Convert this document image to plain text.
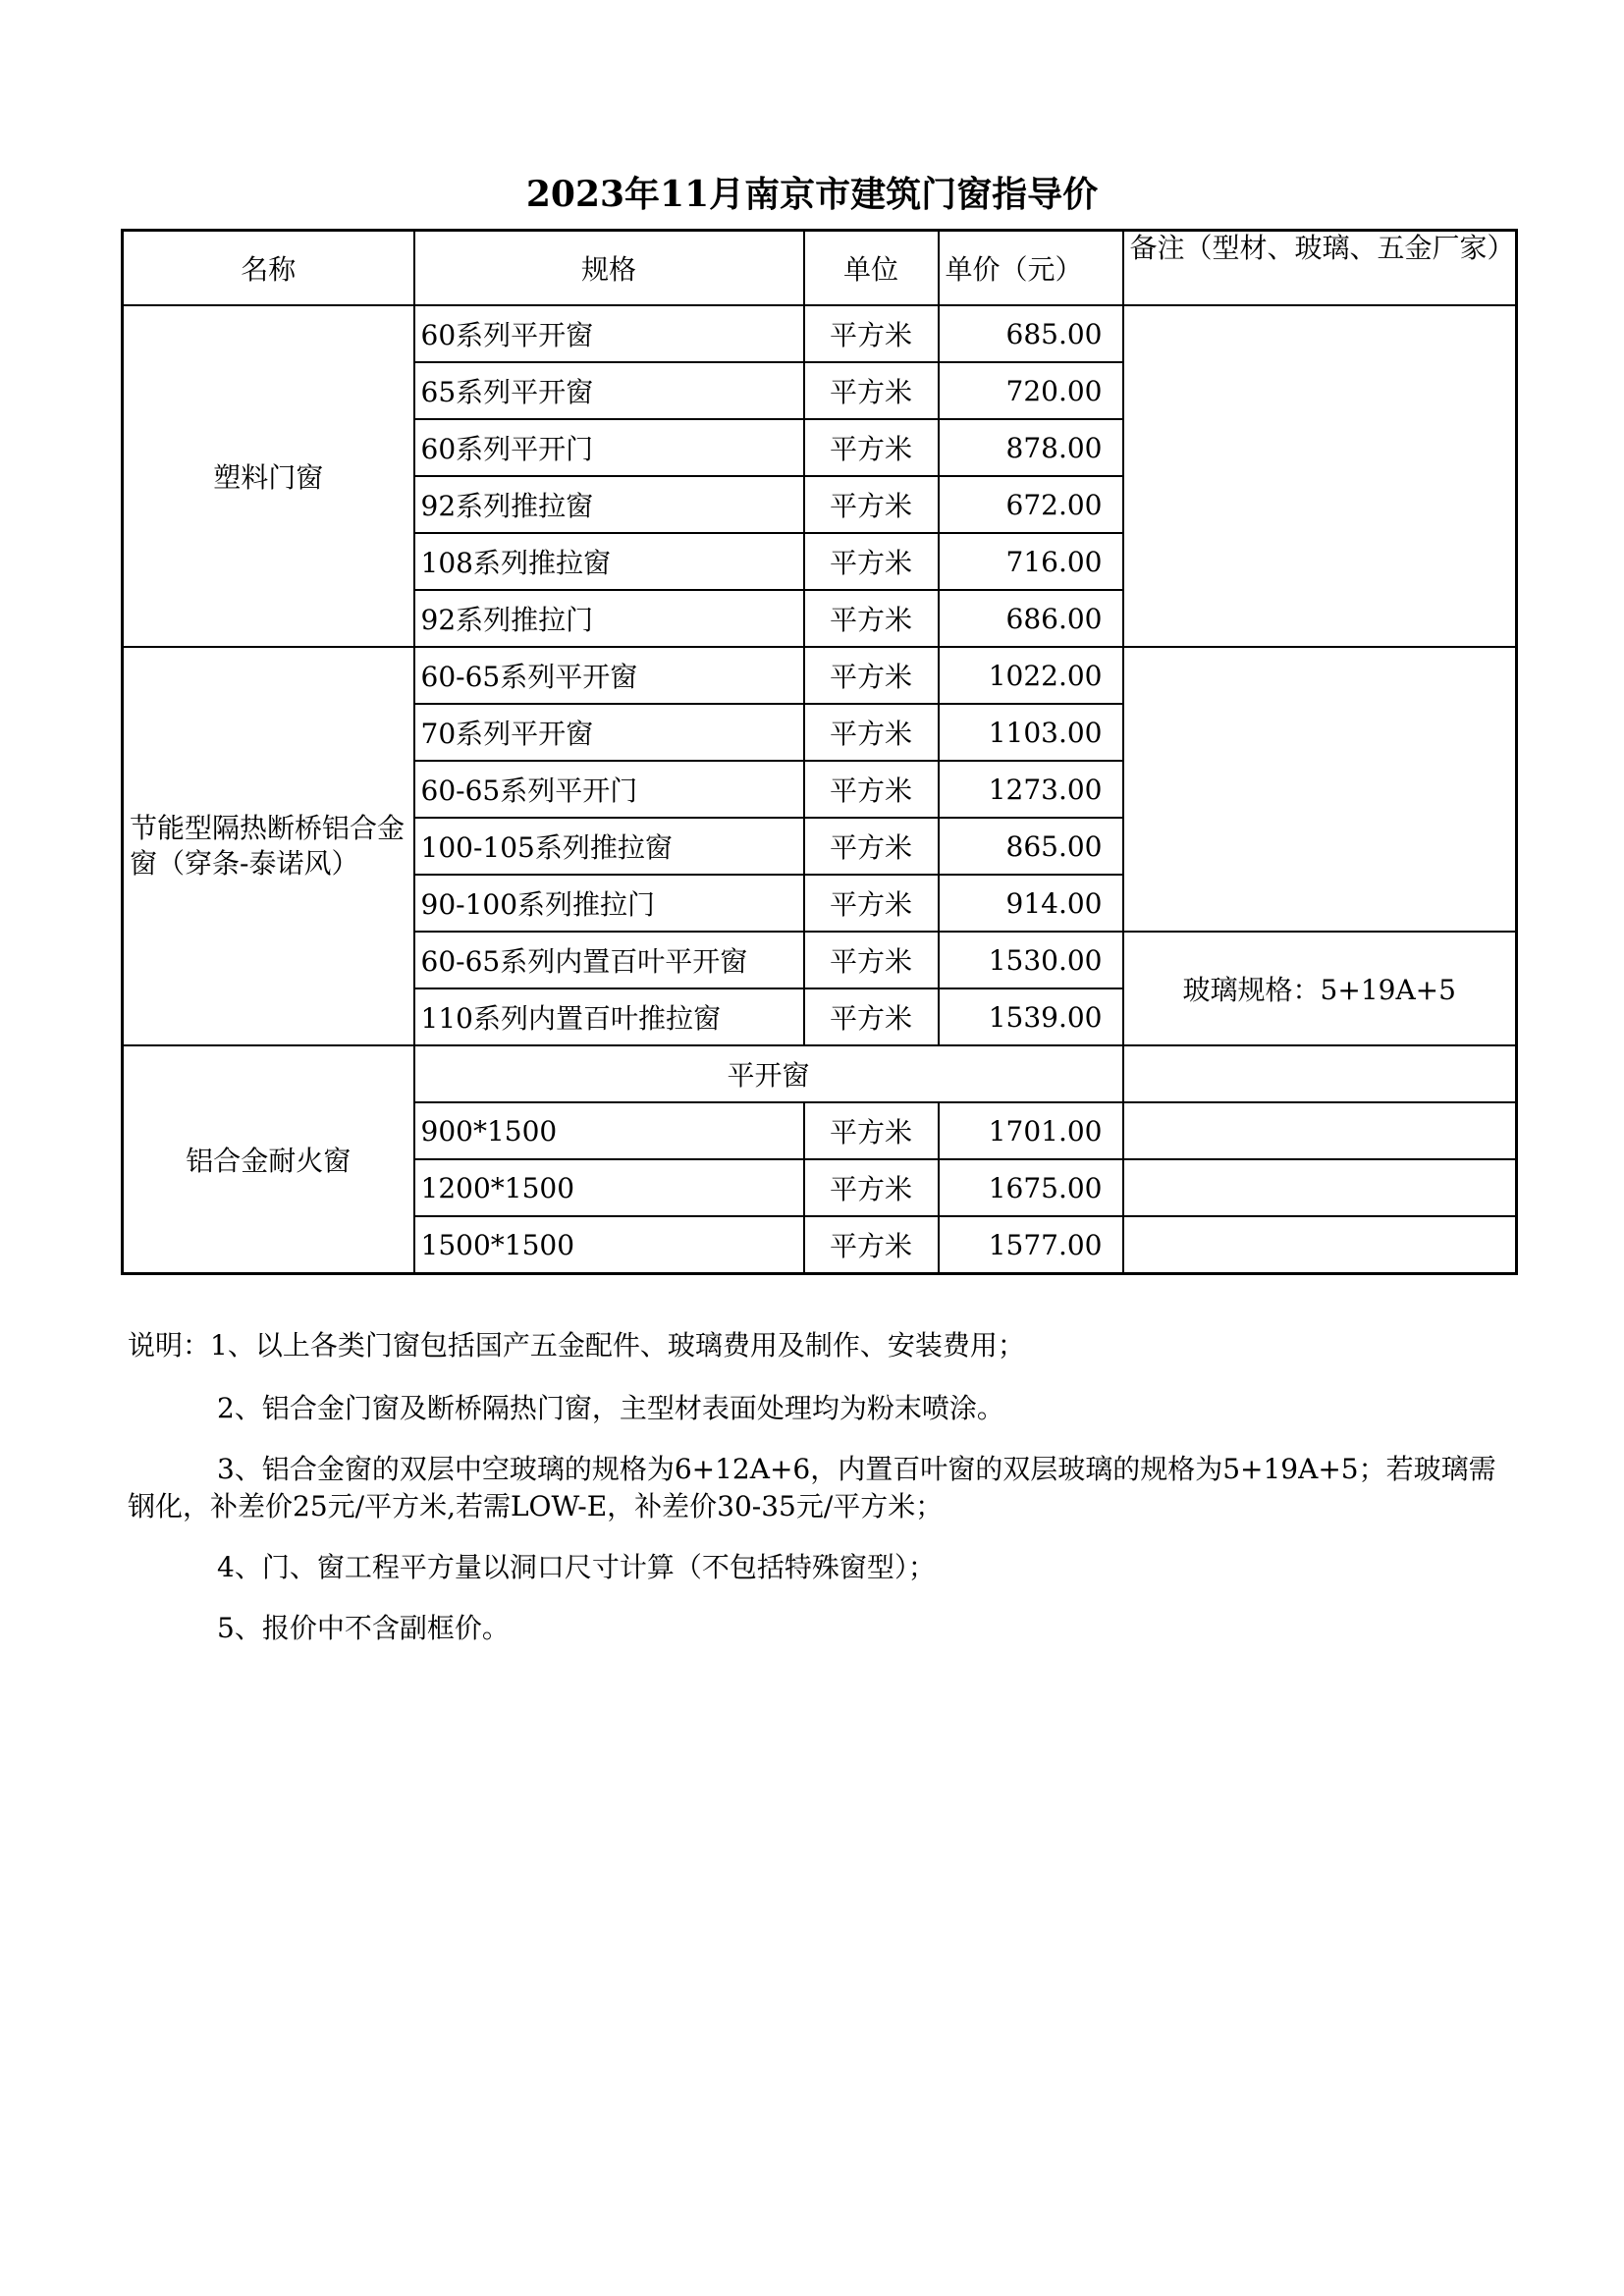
2023年11月南京市建筑门窗指导价
名称	规格	单位	单价（元）	备注（型材、玻璃、五金厂家）
塑料门窗	60系列平开窗	平方米	685.00	
	65系列平开窗	平方米	720.00	
	60系列平开门	平方米	878.00	
	92系列推拉窗	平方米	672.00	
	108系列推拉窗	平方米	716.00	
	92系列推拉门	平方米	686.00	
节能型隔热断桥铝合金窗（穿条-泰诺风）	60-65系列平开窗	平方米	1022.00	
	70系列平开窗	平方米	1103.00	
	60-65系列平开门	平方米	1273.00	
	100-105系列推拉窗	平方米	865.00	
	90-100系列推拉门	平方米	914.00	
	60-65系列内置百叶平开窗	平方米	1530.00	玻璃规格：5+19A+5
	110系列内置百叶推拉窗	平方米	1539.00	
铝合金耐火窗	平开窗			
	900*1500	平方米	1701.00	
	1200*1500	平方米	1675.00	
	1500*1500	平方米	1577.00	

说明：1、以上各类门窗包括国产五金配件、玻璃费用及制作、安装费用；

2、铝合金门窗及断桥隔热门窗，主型材表面处理均为粉末喷涂。

3、铝合金窗的双层中空玻璃的规格为6+12A+6，内置百叶窗的双层玻璃的规格为5+19A+5；若玻璃需钢化，补差价25元/平方米,若需LOW-E，补差价30-35元/平方米；

4、门、窗工程平方量以洞口尺寸计算（不包括特殊窗型）；

5、报价中不含副框价。
